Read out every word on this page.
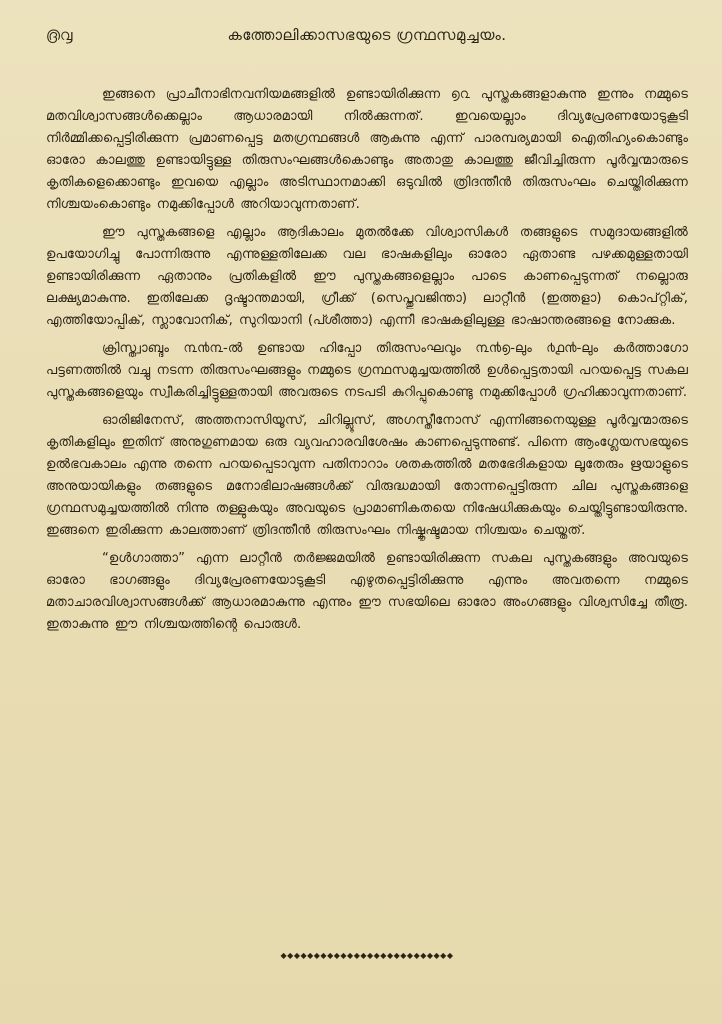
൫൮	കത്തോലിക്കാസഭയുടെ ഗ്രന്ഥസമുച്ചയം.

ഇങ്ങനെ പ്രാചീനാഭിനവനിയമങ്ങളിൽ ഉണ്ടായിരിക്കുന്ന ൭൨ പുസ്തകങ്ങളാകുന്നു ഇന്നും നമ്മുടെ മതവിശ്വാസങ്ങൾക്കെല്ലാം ആധാരമായി നിൽക്കുന്നത്. ഇവയെല്ലാം ദിവ്യപ്രേരണയോടുകൂടി നിർമ്മിക്കപ്പെട്ടിരിക്കുന്ന പ്രമാണപ്പെട്ട മതഗ്രന്ഥങ്ങൾ ആകുന്നു എന്ന് പാരമ്പര്യമായി ഐതിഹ്യംകൊണ്ടും ഓരോ കാലത്തു ഉണ്ടായിട്ടുള്ള തിരുസംഘങ്ങൾകൊണ്ടും അതാതു കാലത്തു ജീവിച്ചിരുന്ന പൂർവ്വന്മാരുടെ കൃതികളെക്കൊണ്ടും ഇവയെ എല്ലാം അടിസ്ഥാനമാക്കി ഒടുവിൽ ത്രിദന്തീൻ തിരുസംഘം ചെയ്തിരിക്കുന്ന നിശ്ചയംകൊണ്ടും നമുക്കിപ്പോൾ അറിയാവുന്നതാണ്.

ഈ പുസ്തകങ്ങളെ എല്ലാം ആദികാലം മുതൽക്കേ വിശ്വാസികൾ തങ്ങളുടെ സമുദായങ്ങളിൽ ഉപയോഗിച്ചു പോന്നിരുന്നു എന്നുള്ളതിലേക്ക വല ഭാഷകളിലും ഓരോ ഏതാണ്ട പഴക്കമുള്ളതായി ഉണ്ടായിരിക്കുന്ന ഏതാനും പ്രതികളിൽ ഈ പുസ്തകങ്ങളെല്ലാം പാടെ കാണപ്പെടുന്നത് നല്ലൊരു ലക്ഷ്യമാകുന്നു. ഇതിലേക്ക ദൃഷ്ടാന്തമായി, ഗ്രീക്ക് (സെപ്തുവജിന്താ) ലാറ്റീൻ (ഇത്തളാ) കൊപ്റ്റിക്, എത്തിയോപ്പിക്, സ്ലാവോനിക്, സുറിയാനി (പ്ശീത്താ) എന്നീ ഭാഷകളിലുള്ള ഭാഷാന്തരങ്ങളെ നോക്കുക.

ക്രിസ്ത്വാബ്ദം ൩൯൩-ൽ ഉണ്ടായ ഹിപ്പോ തിരുസംഘവും ൩൯൭-ലും ൪൧൯-ലും കർത്താഗോ പട്ടണത്തിൽ വച്ചു നടന്ന തിരുസംഘങ്ങളും നമ്മുടെ ഗ്രന്ഥസമുച്ചയത്തിൽ ഉൾപ്പെട്ടതായി പറയപ്പെട്ട സകല പുസ്തകങ്ങളെയും സ്വീകരിച്ചിട്ടുള്ളതായി അവരുടെ നടപടി കുറിപ്പുകൊണ്ടു നമുക്കിപ്പോൾ ഗ്രഹിക്കാവുന്നതാണ്.

ഓരിജിനേസ്, അത്തനാസിയൂസ്, ചിറില്ലൂസ്, അഗസ്തീനോസ് എന്നിങ്ങനെയുള്ള പൂർവ്വന്മാരുടെ കൃതികളിലും ഇതിന് അനുഗുണമായ ഒരു വ്യവഹാരവിശേഷം കാണപ്പെടുന്നുണ്ട്. പിന്നെ ആംഗ്ലേയസഭയുടെ ഉൽഭവകാലം എന്നു തന്നെ പറയപ്പെടാവുന്ന പതിനാറാം ശതകത്തിൽ മതഭേദികളായ ലൂതേരും ഋയാളുടെ അനുയായികളും തങ്ങളുടെ മനോഭിലാഷങ്ങൾക്ക് വിരുദ്ധമായി തോന്നപ്പെട്ടിരുന്ന ചില പുസ്തകങ്ങളെ ഗ്രന്ഥസമുച്ചയത്തിൽ നിന്നു തള്ളുകയും അവയുടെ പ്രാമാണികതയെ നിഷേധിക്കുകയും ചെയ്തിട്ടുണ്ടായിരുന്നു. ഇങ്ങനെ ഇരിക്കുന്ന കാലത്താണ് ത്രിദന്തീൻ തിരുസംഘം നിഷ്കൃഷ്ടമായ നിശ്ചയം ചെയ്തത്.

“ഉൾഗാത്താ” എന്ന ലാറ്റീൻ തർജ്ജമയിൽ ഉണ്ടായിരിക്കുന്ന സകല പുസ്തകങ്ങളും അവയുടെ ഓരോ ഭാഗങ്ങളും ദിവ്യപ്രേരണയോടുകൂടി എഴുതപ്പെട്ടിരിക്കുന്നു എന്നും അവതന്നെ നമ്മുടെ മതാചാരവിശ്വാസങ്ങൾക്ക് ആധാരമാകുന്നു എന്നും ഈ സഭയിലെ ഓരോ അംഗങ്ങളും വിശ്വസിച്ചേ തീരൂ. ഇതാകുന്നു ഈ നിശ്ചയത്തിന്റെ പൊരുൾ.

◆◆◆◆◆◆◆◆◆◆◆◆◆◆◆◆◆◆◆◆◆◆◆◆◆◆
